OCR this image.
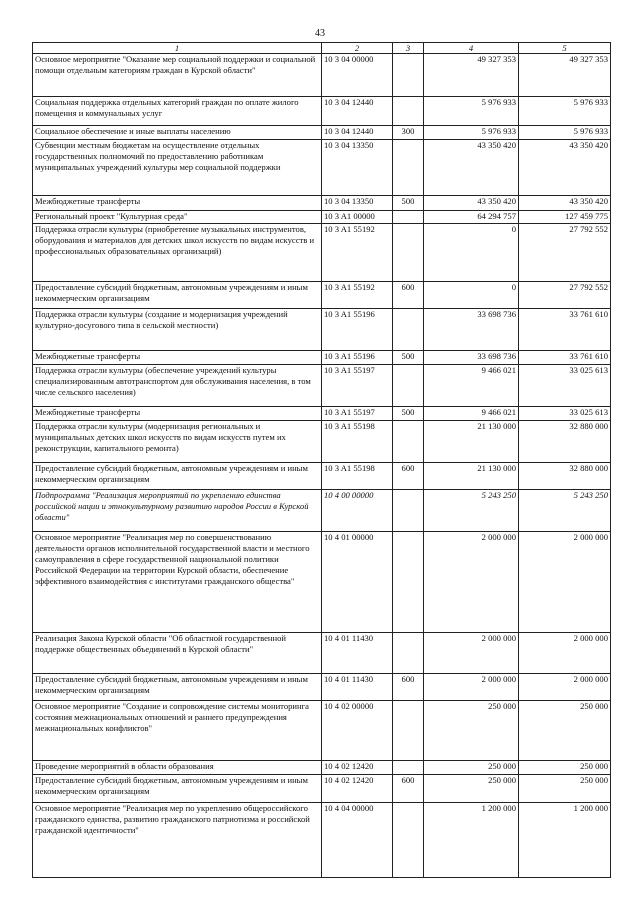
43
1	2	3	4	5
Основное мероприятие "Оказание мер социальной поддержки и социальной помощи отдельным категориям граждан в Курской области"	10 3 04 00000		49 327 353	49 327 353
Социальная поддержка отдельных категорий граждан по оплате жилого помещения и коммунальных услуг	10 3 04 12440		5 976 933	5 976 933
Социальное обеспечение и иные выплаты населению	10 3 04 12440	300	5 976 933	5 976 933
Субвенции местным бюджетам на осуществление отдельных государственных полномочий по предоставлению работникам муниципальных учреждений культуры мер социальной поддержки	10 3 04 13350		43 350 420	43 350 420
Межбюджетные трансферты	10 3 04 13350	500	43 350 420	43 350 420
Региональный проект "Культурная среда"	10 3 A1 00000		64 294 757	127 459 775
Поддержка отрасли культуры (приобретение музыкальных инструментов, оборудования и материалов для детских школ искусств по видам искусств и профессиональных образовательных организаций)	10 3 A1 55192		0	27 792 552
Предоставление субсидий бюджетным, автономным учреждениям и иным некоммерческим организациям	10 3 A1 55192	600	0	27 792 552
Поддержка отрасли культуры (создание и модернизация учреждений культурно-досугового типа в сельской местности)	10 3 A1 55196		33 698 736	33 761 610
Межбюджетные трансферты	10 3 A1 55196	500	33 698 736	33 761 610
Поддержка отрасли культуры (обеспечение учреждений культуры специализированным автотранспортом для обслуживания населения, в том числе сельского населения)	10 3 A1 55197		9 466 021	33 025 613
Межбюджетные трансферты	10 3 A1 55197	500	9 466 021	33 025 613
Поддержка отрасли культуры (модернизация региональных и муниципальных детских школ искусств по видам искусств путем их реконструкции, капитального ремонта)	10 3 A1 55198		21 130 000	32 880 000
Предоставление субсидий бюджетным, автономным учреждениям и иным некоммерческим организациям	10 3 A1 55198	600	21 130 000	32 880 000
Подпрограмма "Реализация мероприятий по укреплению единства российской нации и этнокультурному развитию народов России в Курской области"	10 4 00 00000		5 243 250	5 243 250
Основное мероприятие "Реализация мер по совершенствованию деятельности органов исполнительной государственной власти и местного самоуправления в сфере государственной национальной политики Российской Федерации на территории Курской области, обеспечение эффективного взаимодействия с институтами гражданского общества"	10 4 01 00000		2 000 000	2 000 000
Реализация Закона Курской области "Об областной государственной поддержке общественных объединений в Курской области"	10 4 01 11430		2 000 000	2 000 000
Предоставление субсидий бюджетным, автономным учреждениям и иным некоммерческим организациям	10 4 01 11430	600	2 000 000	2 000 000
Основное мероприятие "Создание и сопровождение системы мониторинга состояния межнациональных отношений и раннего предупреждения межнациональных конфликтов"	10 4 02 00000		250 000	250 000
Проведение мероприятий в области образования	10 4 02 12420		250 000	250 000
Предоставление субсидий бюджетным, автономным учреждениям и иным некоммерческим организациям	10 4 02 12420	600	250 000	250 000
Основное мероприятие "Реализация мер по укреплению общероссийского гражданского единства, развитию гражданского патриотизма и российской гражданской идентичности"	10 4 04 00000		1 200 000	1 200 000
